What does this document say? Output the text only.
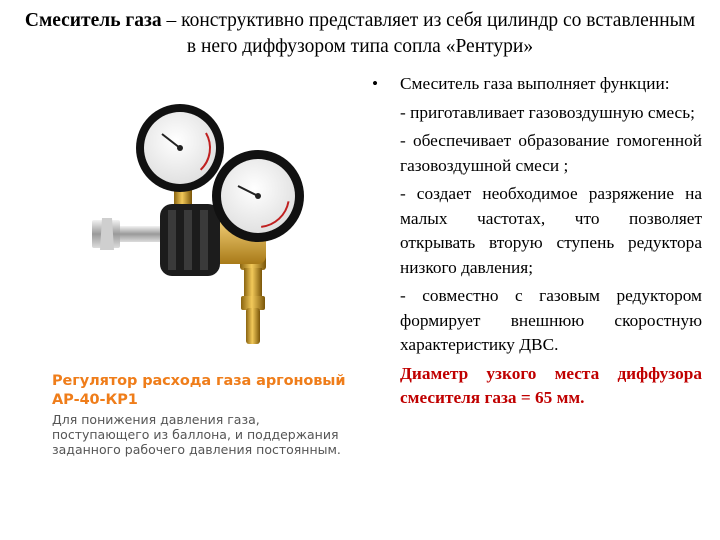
Смеситель газа – конструктивно представляет из себя цилиндр со вставленным в него диффузором типа сопла «Рентури»
Регулятор расхода газа аргоновый АР-40-КР1
Для понижения давления газа, поступающего из баллона, и поддержания заданного рабочего давления постоянным.
• Смеситель газа выполняет функции:
- приготавливает газовоздушную смесь;
- обеспечивает образование гомогенной газовоздушной смеси ;
- создает необходимое разряжение на малых частотах, что позволяет открывать вторую ступень редуктора низкого давления;
- совместно с газовым редуктором формирует внешнюю скоростную характеристику ДВС.
Диаметр узкого места диффузора смесителя газа = 65 мм.
